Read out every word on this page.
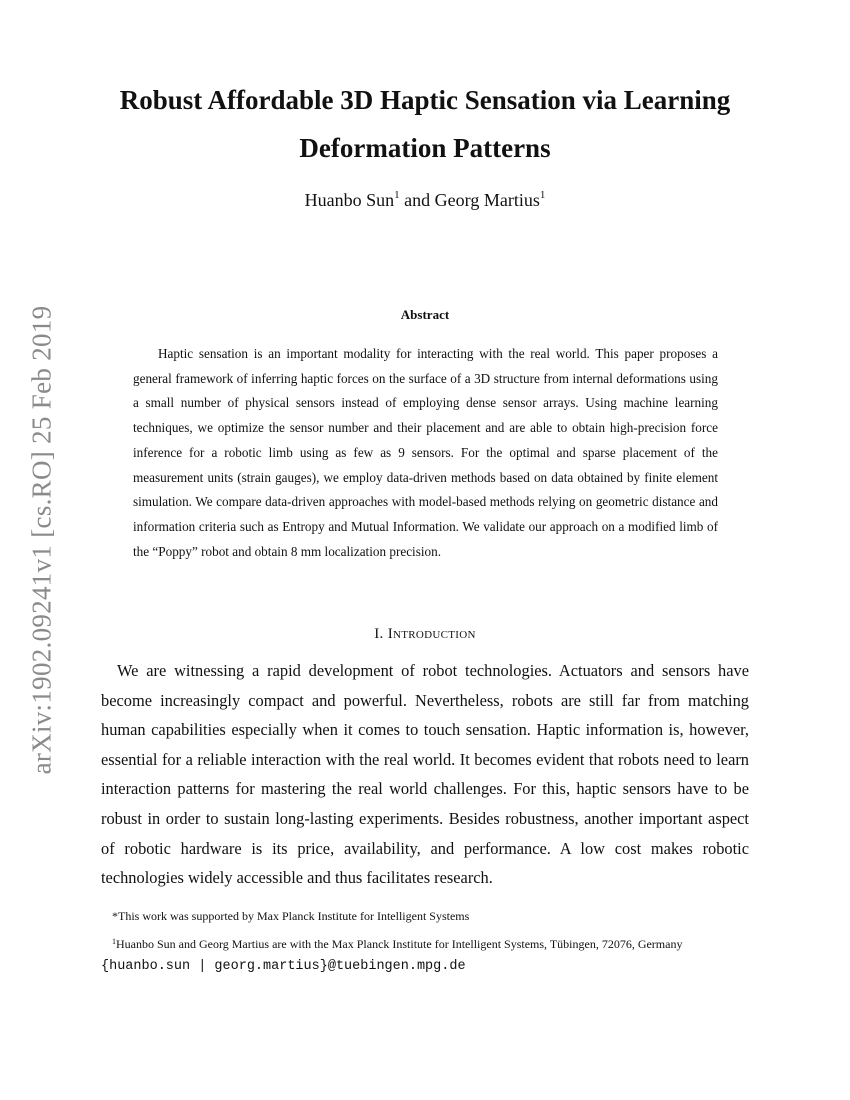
arXiv:1902.09241v1 [cs.RO] 25 Feb 2019
Robust Affordable 3D Haptic Sensation via Learning Deformation Patterns
Huanbo Sun$^1$ and Georg Martius$^1$
Abstract

Haptic sensation is an important modality for interacting with the real world. This paper proposes a general framework of inferring haptic forces on the surface of a 3D structure from internal deformations using a small number of physical sensors instead of employing dense sensor arrays. Using machine learning techniques, we optimize the sensor number and their placement and are able to obtain high-precision force inference for a robotic limb using as few as 9 sensors. For the optimal and sparse placement of the measurement units (strain gauges), we employ data-driven methods based on data obtained by finite element simulation. We compare data-driven approaches with model-based methods relying on geometric distance and information criteria such as Entropy and Mutual Information. We validate our approach on a modified limb of the “Poppy” robot and obtain 8 mm localization precision.

I. Introduction

We are witnessing a rapid development of robot technologies. Actuators and sensors have become increasingly compact and powerful. Nevertheless, robots are still far from matching human capabilities especially when it comes to touch sensation. Haptic information is, however, essential for a reliable interaction with the real world. It becomes evident that robots need to learn interaction patterns for mastering the real world challenges. For this, haptic sensors have to be robust in order to sustain long-lasting experiments. Besides robustness, another important aspect of robotic hardware is its price, availability, and performance. A low cost makes robotic technologies widely accessible and thus facilitates research.

*This work was supported by Max Planck Institute for Intelligent Systems

$^1$Huanbo Sun and Georg Martius are with the Max Planck Institute for Intelligent Systems, Tübingen, 72076, Germany
{huanbo.sun | georg.martius}@tuebingen.mpg.de
